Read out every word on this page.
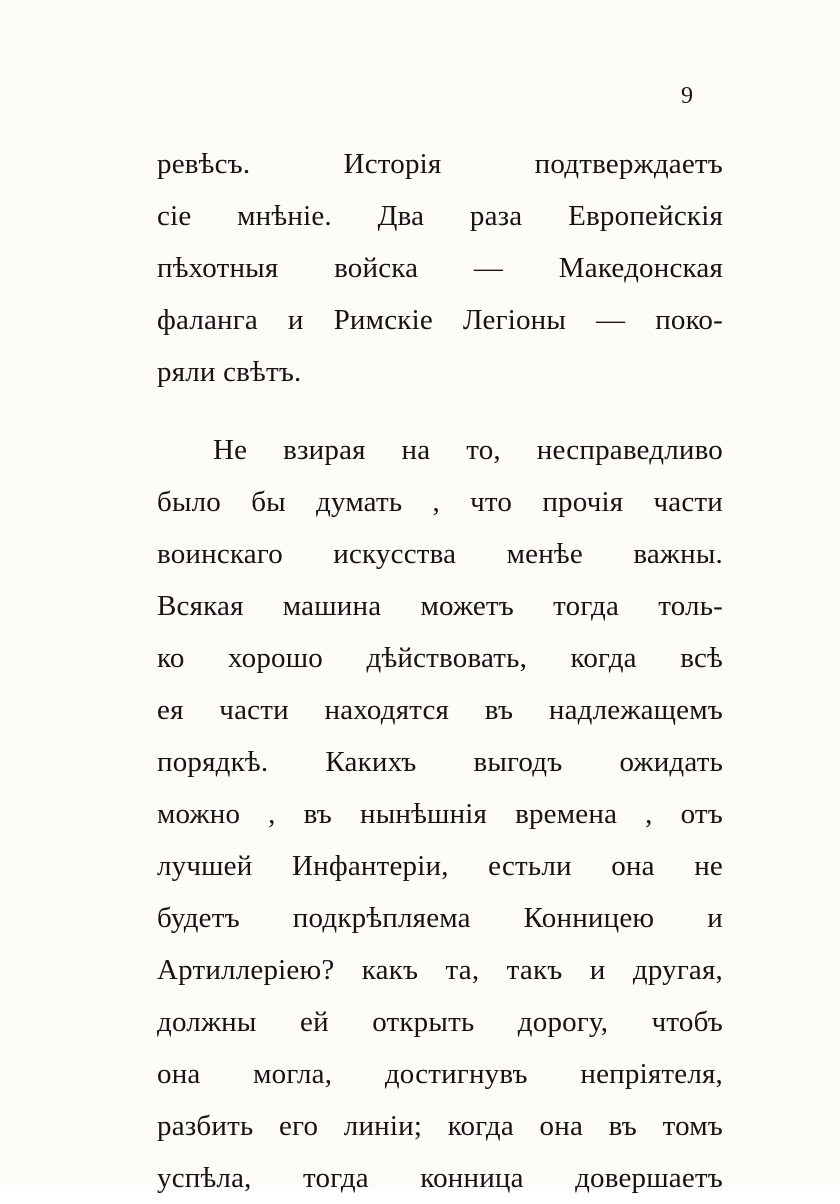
9
ревѣсъ. Исторія подтверждаетъ
сіе мнѣніе. Два раза Европейскія
пѣхотныя войска — Македонская
фаланга и Римскіе Легіоны — поко-
ряли свѣтъ.
Не взирая на то, несправедливо
было бы думать , что прочія части
воинскаго искусства менѣе важны.
Всякая машина можетъ тогда толь-
ко хорошо дѣйствовать, когда всѣ
ея части находятся въ надлежащемъ
порядкѣ. Какихъ выгодъ ожидать
можно , въ нынѣшнія времена , отъ
лучшей Инфантеріи, естьли она не
будетъ подкрѣпляема Конницею и
Артиллеріею? какъ та, такъ и другая,
должны ей открыть дорогу, чтобъ
она могла, достигнувъ непріятеля,
разбить его линіи; когда она въ томъ
успѣла, тогда конница довершаетъ
